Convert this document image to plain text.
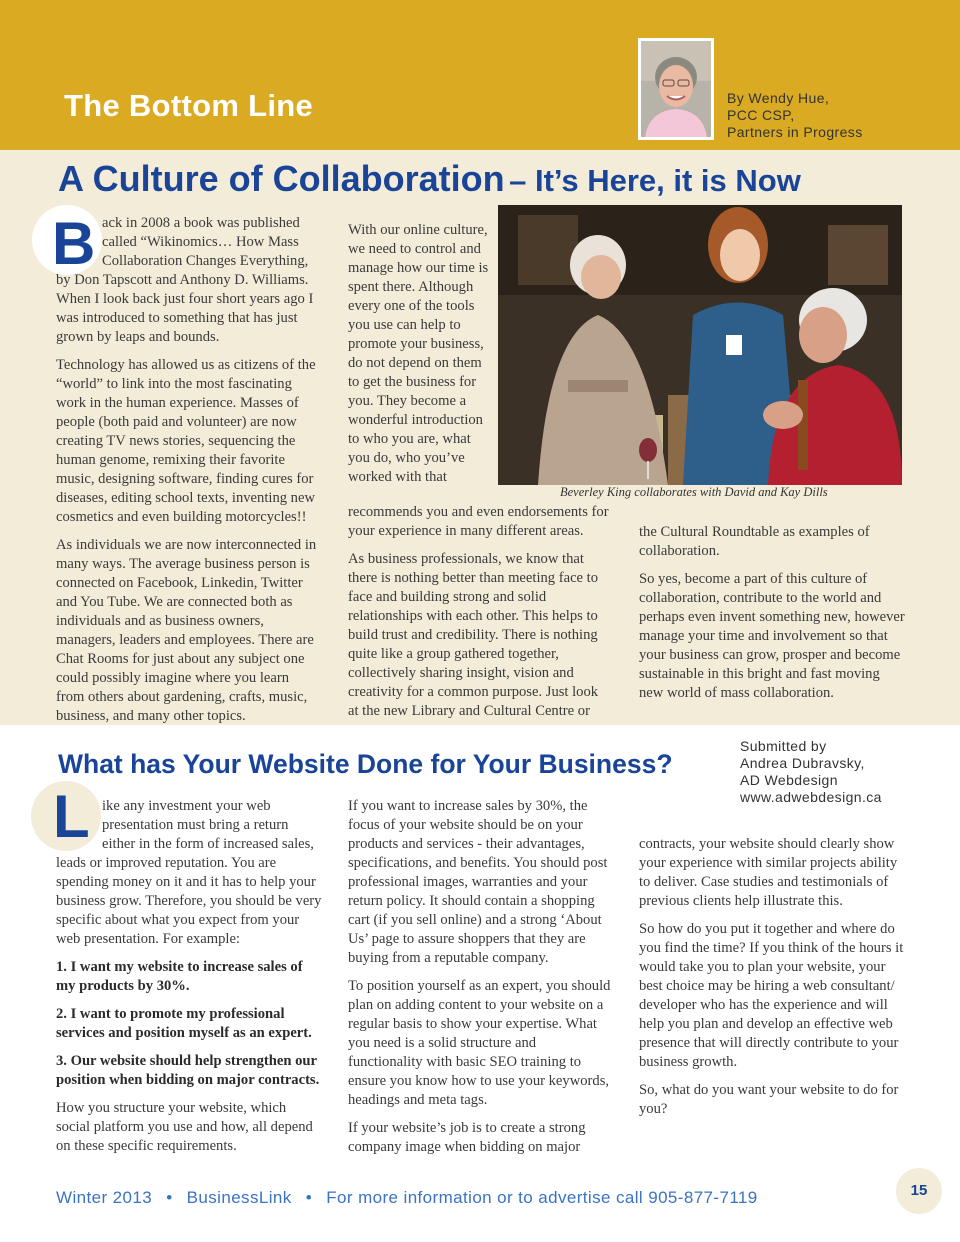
The Bottom Line	By Wendy Hue,
PCC CSP,
Partners in Progress
A Culture of Collaboration – It’s Here, it is Now
B ack in 2008 a book was published called “Wikinomics… How Mass Collaboration Changes Everything, by Don Tapscott and Anthony D. Williams. When I look back just four short years ago I was introduced to something that has just grown by leaps and bounds.

Technology has allowed us as citizens of the “world” to link into the most fascinating work in the human experience. Masses of people (both paid and volunteer) are now creating TV news stories, sequencing the human genome, remixing their favorite music, designing software, finding cures for diseases, editing school texts, inventing new cosmetics and even building motorcycles!!

As individuals we are now interconnected in many ways. The average business person is connected on Facebook, Linkedin, Twitter and You Tube. We are connected both as individuals and as business owners, managers, leaders and employees. There are Chat Rooms for just about any subject one could possibly imagine where you learn from others about gardening, crafts, music, business, and many other topics.

With our online culture, we need to control and manage how our time is spent there. Although every one of the tools you use can help to promote your business, do not depend on them to get the business for you. They become a wonderful introduction to who you are, what you do, who you’ve worked with that

recommends you and even endorsements for your experience in many different areas.

As business professionals, we know that there is nothing better than meeting face to face and building strong and solid relationships with each other. This helps to build trust and credibility. There is nothing quite like a group gathered together, collectively sharing insight, vision and creativity for a common purpose. Just look at the new Library and Cultural Centre or

Beverley King collaborates with David and Kay Dills

the Cultural Roundtable as examples of collaboration.

So yes, become a part of this culture of collaboration, contribute to the world and perhaps even invent something new, however manage your time and involvement so that your business can grow, prosper and become sustainable in this bright and fast moving new world of mass collaboration.

What has Your Website Done for Your Business?
Submitted by
Andrea Dubravsky,
AD Webdesign
www.adwebdesign.ca
L ike any investment your web presentation must bring a return either in the form of increased sales, leads or improved reputation. You are spending money on it and it has to help your business grow. Therefore, you should be very specific about what you expect from your web presentation. For example:

1. I want my website to increase sales of my products by 30%.

2. I want to promote my professional services and position myself as an expert.

3. Our website should help strengthen our position when bidding on major contracts.

How you structure your website, which social platform you use and how, all depend on these specific requirements.

If you want to increase sales by 30%, the focus of your website should be on your products and services - their advantages, specifications, and benefits. You should post professional images, warranties and your return policy. It should contain a shopping cart (if you sell online) and a strong ‘About Us’ page to assure shoppers that they are buying from a reputable company.

To position yourself as an expert, you should plan on adding content to your website on a regular basis to show your expertise. What you need is a solid structure and functionality with basic SEO training to ensure you know how to use your keywords, headings and meta tags.

If your website’s job is to create a strong company image when bidding on major

contracts, your website should clearly show your experience with similar projects ability to deliver. Case studies and testimonials of previous clients help illustrate this.

So how do you put it together and where do you find the time? If you think of the hours it would take you to plan your website, your best choice may be hiring a web consultant/ developer who has the experience and will help you plan and develop an effective web presence that will directly contribute to your business growth.

So, what do you want your website to do for you?

Winter 2013 • BusinessLink • For more information or to advertise call 905-877-7119	15
